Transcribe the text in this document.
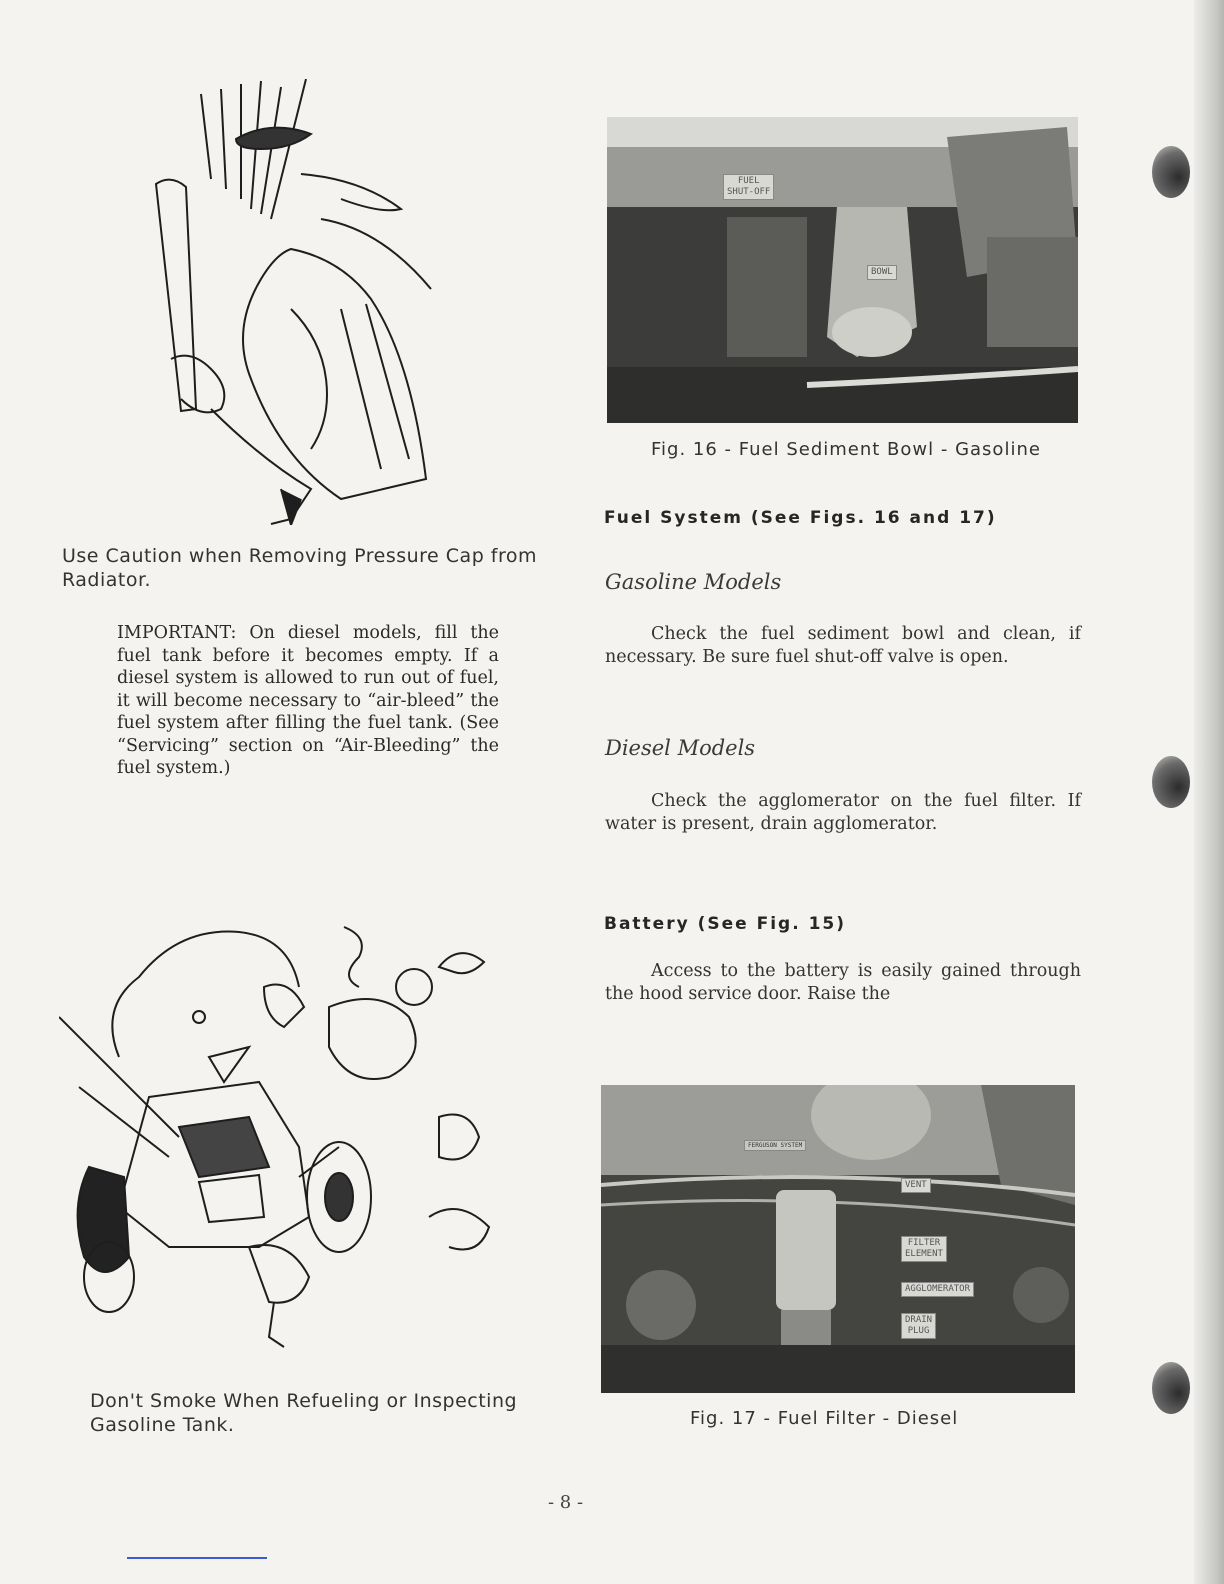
Use Caution when Removing Pressure Cap from Radiator.
IMPORTANT: On diesel models, fill the fuel tank before it becomes empty. If a diesel system is allowed to run out of fuel, it will become necessary to “air-bleed” the fuel system after filling the fuel tank. (See “Servicing” section on “Air-Bleeding” the fuel system.)
Don't Smoke When Refueling or Inspecting Gasoline Tank.
FUEL
SHUT-OFF
BOWL
Fig. 16 - Fuel Sediment Bowl - Gasoline
Fuel System (See Figs. 16 and 17)
Gasoline Models
Check the fuel sediment bowl and clean, if necessary. Be sure fuel shut-off valve is open.
Diesel Models
Check the agglomerator on the fuel filter. If water is present, drain agglomerator.
Battery (See Fig. 15)
Access to the battery is easily gained through the hood service door. Raise the
FERGUSON SYSTEM
VENT
FILTER
ELEMENT
AGGLOMERATOR
DRAIN
PLUG
Fig. 17 - Fuel Filter - Diesel
- 8 -
